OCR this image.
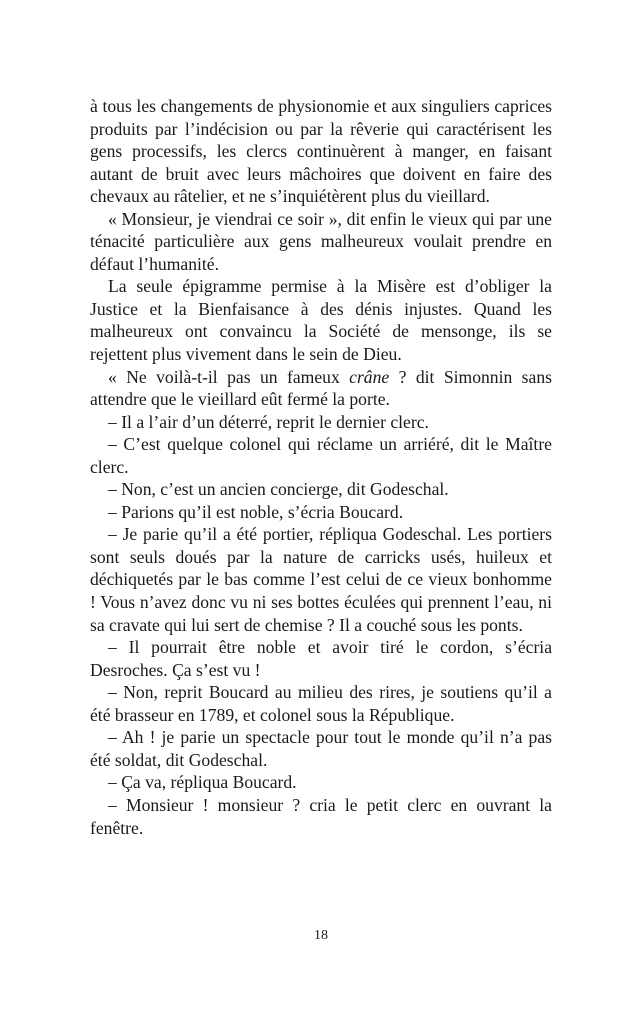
à tous les changements de physionomie et aux singuliers caprices produits par l’indécision ou par la rêverie qui caractérisent les gens processifs, les clercs continuèrent à manger, en faisant autant de bruit avec leurs mâchoires que doivent en faire des chevaux au râtelier, et ne s’inquiétèrent plus du vieillard.

« Monsieur, je viendrai ce soir », dit enfin le vieux qui par une ténacité particulière aux gens malheureux voulait prendre en défaut l’humanité.

La seule épigramme permise à la Misère est d’obliger la Justice et la Bienfaisance à des dénis injustes. Quand les malheureux ont convaincu la Société de mensonge, ils se rejettent plus vivement dans le sein de Dieu.

« Ne voilà-t-il pas un fameux crâne ? dit Simonnin sans attendre que le vieillard eût fermé la porte.

– Il a l’air d’un déterré, reprit le dernier clerc.

– C’est quelque colonel qui réclame un arriéré, dit le Maître clerc.

– Non, c’est un ancien concierge, dit Godeschal.

– Parions qu’il est noble, s’écria Boucard.

– Je parie qu’il a été portier, répliqua Godeschal. Les portiers sont seuls doués par la nature de carricks usés, huileux et déchiquetés par le bas comme l’est celui de ce vieux bonhomme ! Vous n’avez donc vu ni ses bottes éculées qui prennent l’eau, ni sa cravate qui lui sert de chemise ? Il a couché sous les ponts.

– Il pourrait être noble et avoir tiré le cordon, s’écria Desroches. Ça s’est vu !

– Non, reprit Boucard au milieu des rires, je soutiens qu’il a été brasseur en 1789, et colonel sous la République.

– Ah ! je parie un spectacle pour tout le monde qu’il n’a pas été soldat, dit Godeschal.

– Ça va, répliqua Boucard.

– Monsieur ! monsieur ? cria le petit clerc en ouvrant la fenêtre.

18
